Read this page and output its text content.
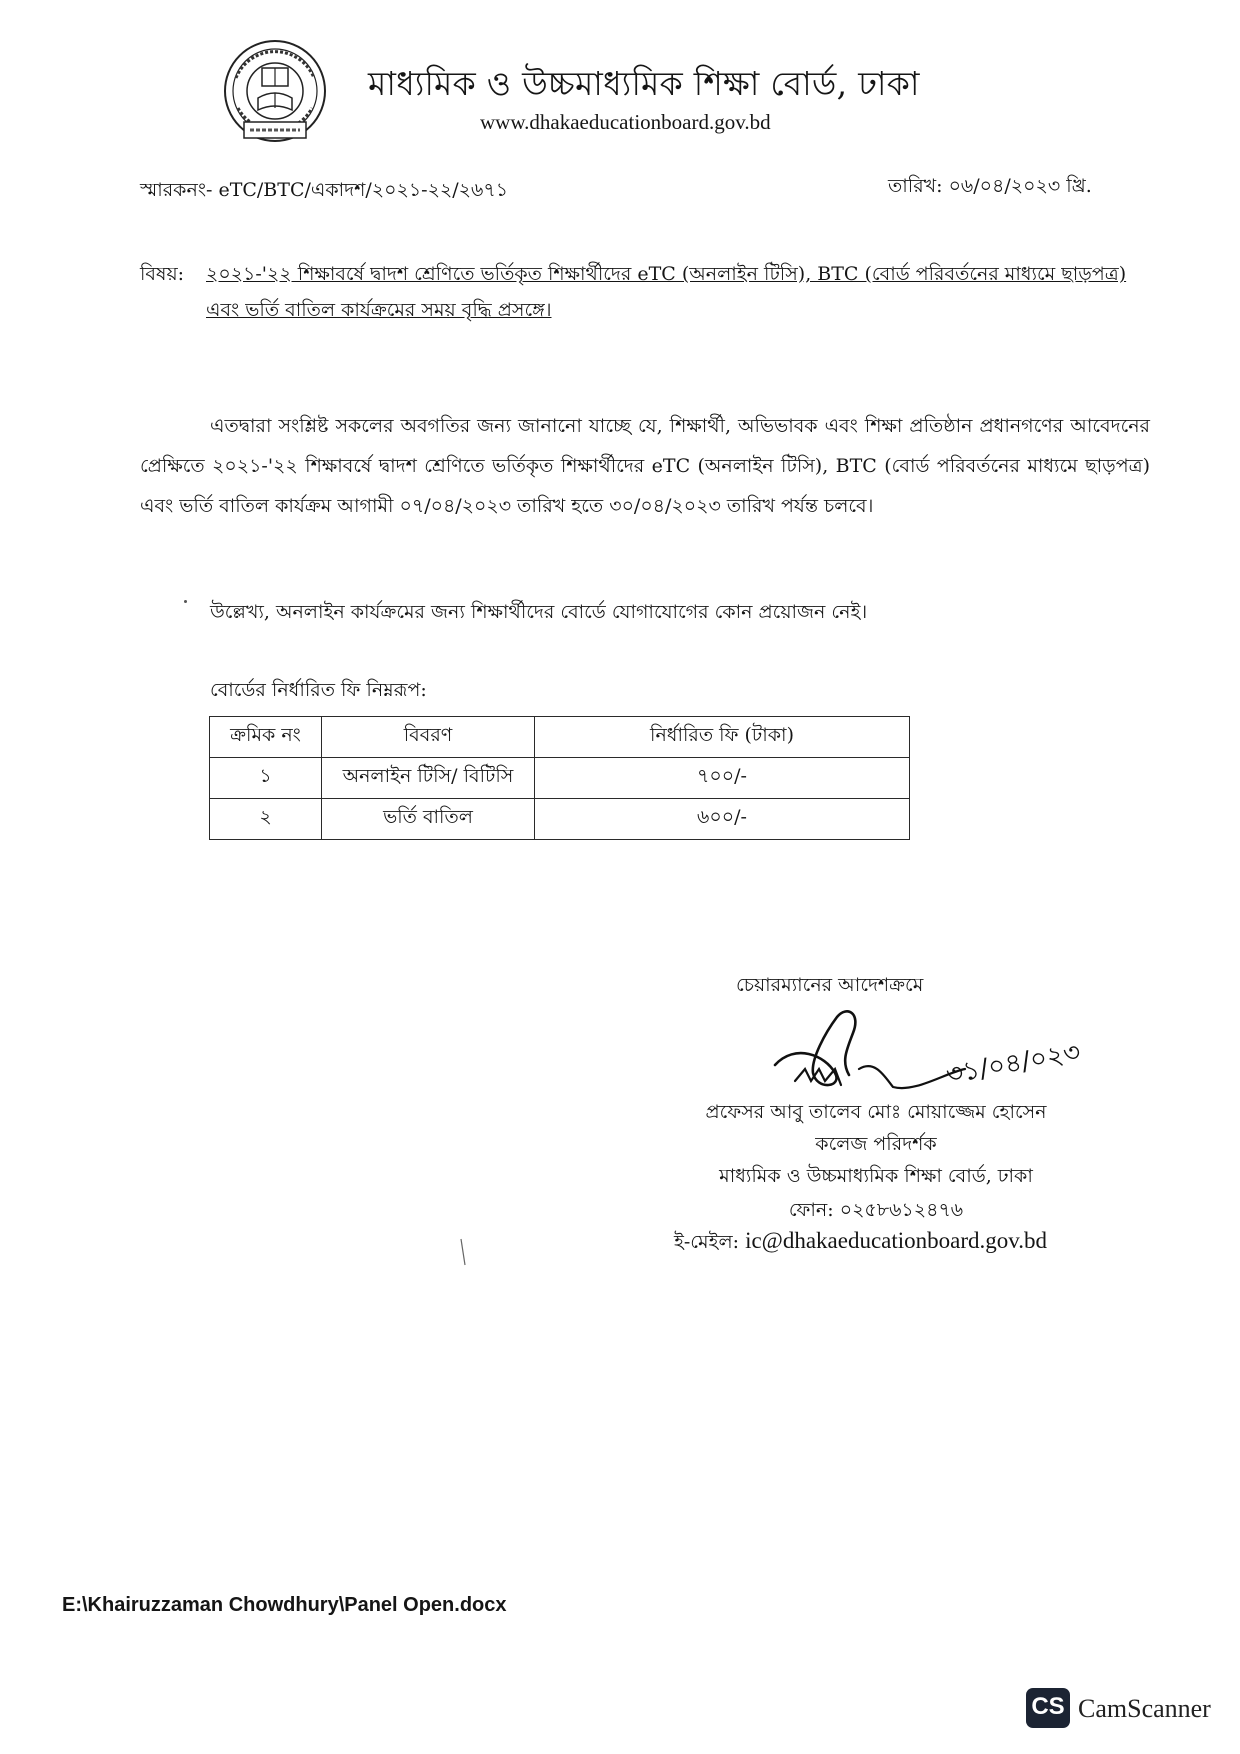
মাধ্যমিক ও উচ্চমাধ্যমিক শিক্ষা বোর্ড, ঢাকা
www.dhakaeducationboard.gov.bd
স্মারকনং- eTC/BTC/একাদশ/২০২১-২২/২৬৭১	তারিখ: ০৬/০৪/২০২৩ খ্রি.
বিষয়: ২০২১-'২২ শিক্ষাবর্ষে দ্বাদশ শ্রেণিতে ভর্তিকৃত শিক্ষার্থীদের eTC (অনলাইন টিসি), BTC (বোর্ড পরিবর্তনের মাধ্যমে ছাড়পত্র) এবং ভর্তি বাতিল কার্যক্রমের সময় বৃদ্ধি প্রসঙ্গে।
এতদ্বারা সংশ্লিষ্ট সকলের অবগতির জন্য জানানো যাচ্ছে যে, শিক্ষার্থী, অভিভাবক এবং শিক্ষা প্রতিষ্ঠান প্রধানগণের আবেদনের প্রেক্ষিতে ২০২১-'২২ শিক্ষাবর্ষে দ্বাদশ শ্রেণিতে ভর্তিকৃত শিক্ষার্থীদের eTC (অনলাইন টিসি), BTC (বোর্ড পরিবর্তনের মাধ্যমে ছাড়পত্র) এবং ভর্তি বাতিল কার্যক্রম আগামী ০৭/০৪/২০২৩ তারিখ হতে ৩০/০৪/২০২৩ তারিখ পর্যন্ত চলবে।
উল্লেখ্য, অনলাইন কার্যক্রমের জন্য শিক্ষার্থীদের বোর্ডে যোগাযোগের কোন প্রয়োজন নেই।
বোর্ডের নির্ধারিত ফি নিম্নরূপ:
ক্রমিক নং	বিবরণ	নির্ধারিত ফি (টাকা)
১	অনলাইন টিসি/ বিটিসি	৭০০/-
২	ভর্তি বাতিল	৬০০/-
চেয়ারম্যানের আদেশক্রমে
৩১/০৪/০২৩
প্রফেসর আবু তালেব মোঃ মোয়াজ্জেম হোসেন
কলেজ পরিদর্শক
মাধ্যমিক ও উচ্চমাধ্যমিক শিক্ষা বোর্ড, ঢাকা
ফোন: ০২৫৮৬১২৪৭৬
ই-মেইল: ic@dhakaeducationboard.gov.bd
E:\Khairuzzaman Chowdhury\Panel Open.docx
CS CamScanner
